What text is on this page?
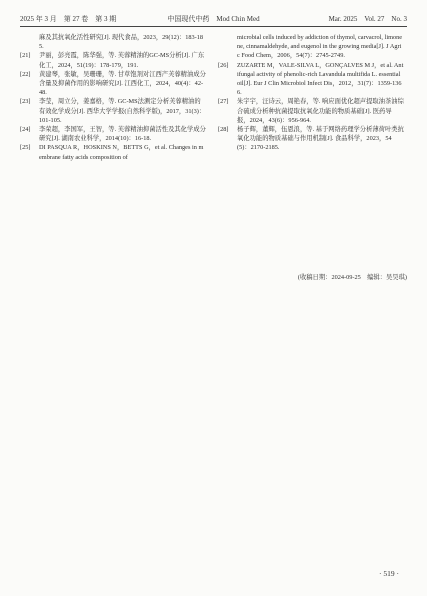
2025 年 3 月　第 27 卷　第 3 期	中国现代中药　Mod Chin Med	Mar. 2025　Vol. 27　No. 3
麻及其抗氧化活性研究[J]. 现代食品，2023，29(12)：183-185.
[21] 尹丽，彭亮霞，陈华强，等. 芙蓉精油的GC-MS分析[J]. 广东化工，2024，51(19)：178-179，191.
[22] 黄建琴，张敏，吴珊珊，等. 甘草饱剂对江西产芙蓉精油成分含量及抑菌作用的影响研究[J]. 江西化工，2024，40(4)：42-48.
[23] 李莹，周立分，姜嘉格，等. GC-MS法测定分析芙蓉精油的有效化学成分[J]. 西华大学学报(自然科学版)，2017，31(3)：101-105.
[24] 李荣超，李国军，王智，等. 芙蓉精油抑菌活性及其化学成分研究[J]. 湖南农业科学，2014(10)：16-18.
[25] DI PASQUA R，HOSKINS N，BETTS G，et al. Changes in membrane fatty acids composition of
microbial cells induced by addiction of thymol, carvacrol, limonene, cinnamaldehyde, and eugenol in the growing media[J]. J Agric Food Chem，2006，54(7)：2745-2749.
[26] ZUZARTE M，VALE-SILVA L，GONÇALVES M J，et al. Antifungal activity of phenolic-rich Lavandula multifida L. essential oil[J]. Eur J Clin Microbiol Infect Dis，2012，31(7)：1359-1366.
[27] 朱宇宇，汪诗云，周艳春，等. 响应面优化超声提取油茶油综合硫成分析种抗菌提取抗氧化功能的物质基础[J]. 医药导报，2024，43(6)：956-964.
[28] 杨子辉，董辉，伍恩浪，等. 基于网络药理学分析薄荷叶类抗氧化功能的物质基础与作用机制[J]. 食品科学，2023，54(5)：2170-2185.
(收稿日期：2024-09-25　编辑：吴昊琪)
· 519 ·
